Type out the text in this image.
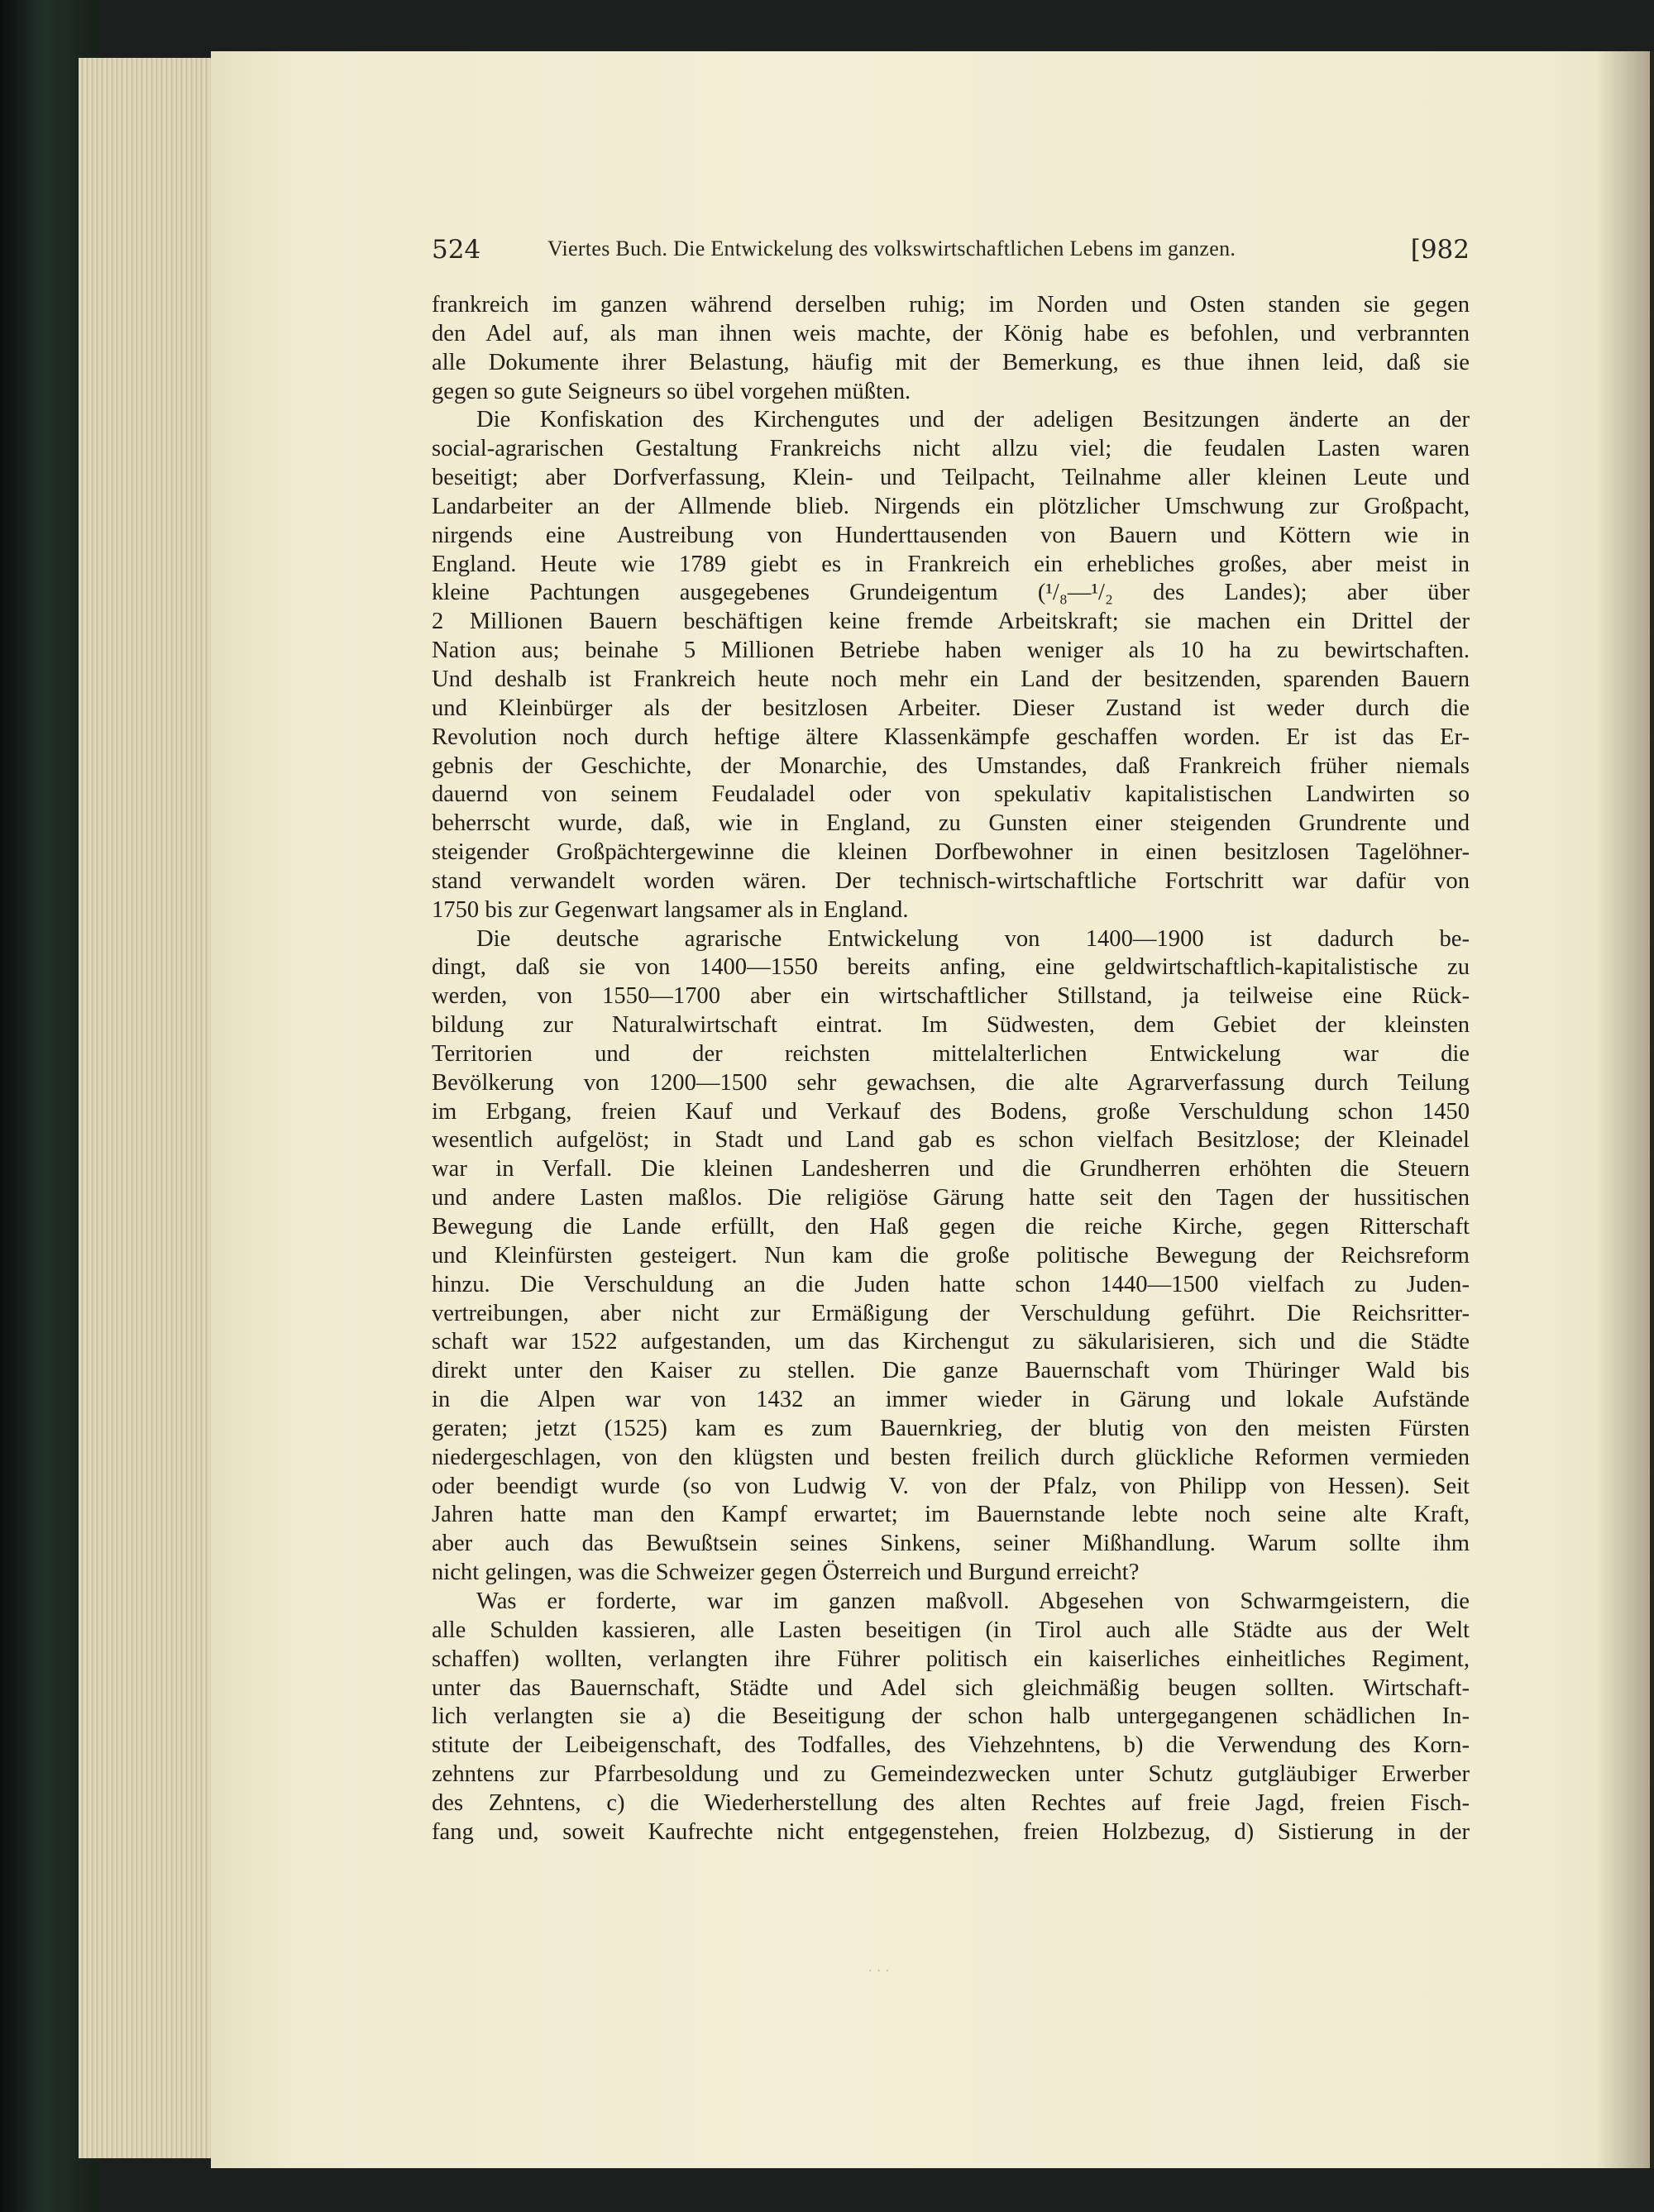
524	Viertes Buch. Die Entwickelung des volkswirtschaftlichen Lebens im ganzen.	[982
frankreich im ganzen während derselben ruhig; im Norden und Osten standen sie gegen
den Adel auf, als man ihnen weis machte, der König habe es befohlen, und verbrannten
alle Dokumente ihrer Belastung, häufig mit der Bemerkung, es thue ihnen leid, daß sie
gegen so gute Seigneurs so übel vorgehen müßten.
Die Konfiskation des Kirchengutes und der adeligen Besitzungen änderte an der
social-agrarischen Gestaltung Frankreichs nicht allzu viel; die feudalen Lasten waren
beseitigt; aber Dorfverfassung, Klein- und Teilpacht, Teilnahme aller kleinen Leute und
Landarbeiter an der Allmende blieb. Nirgends ein plötzlicher Umschwung zur Großpacht,
nirgends eine Austreibung von Hunderttausenden von Bauern und Köttern wie in
England. Heute wie 1789 giebt es in Frankreich ein erhebliches großes, aber meist in
kleine Pachtungen ausgegebenes Grundeigentum (¹/₈—¹/₂ des Landes); aber über
2 Millionen Bauern beschäftigen keine fremde Arbeitskraft; sie machen ein Drittel der
Nation aus; beinahe 5 Millionen Betriebe haben weniger als 10 ha zu bewirtschaften.
Und deshalb ist Frankreich heute noch mehr ein Land der besitzenden, sparenden Bauern
und Kleinbürger als der besitzlosen Arbeiter. Dieser Zustand ist weder durch die
Revolution noch durch heftige ältere Klassenkämpfe geschaffen worden. Er ist das Er-
gebnis der Geschichte, der Monarchie, des Umstandes, daß Frankreich früher niemals
dauernd von seinem Feudaladel oder von spekulativ kapitalistischen Landwirten so
beherrscht wurde, daß, wie in England, zu Gunsten einer steigenden Grundrente und
steigender Großpächtergewinne die kleinen Dorfbewohner in einen besitzlosen Tagelöhner-
stand verwandelt worden wären. Der technisch-wirtschaftliche Fortschritt war dafür von
1750 bis zur Gegenwart langsamer als in England.
Die deutsche agrarische Entwickelung von 1400—1900 ist dadurch be-
dingt, daß sie von 1400—1550 bereits anfing, eine geldwirtschaftlich-kapitalistische zu
werden, von 1550—1700 aber ein wirtschaftlicher Stillstand, ja teilweise eine Rück-
bildung zur Naturalwirtschaft eintrat. Im Südwesten, dem Gebiet der kleinsten
Territorien und der reichsten mittelalterlichen Entwickelung war die
Bevölkerung von 1200—1500 sehr gewachsen, die alte Agrarverfassung durch Teilung
im Erbgang, freien Kauf und Verkauf des Bodens, große Verschuldung schon 1450
wesentlich aufgelöst; in Stadt und Land gab es schon vielfach Besitzlose; der Kleinadel
war in Verfall. Die kleinen Landesherren und die Grundherren erhöhten die Steuern
und andere Lasten maßlos. Die religiöse Gärung hatte seit den Tagen der hussitischen
Bewegung die Lande erfüllt, den Haß gegen die reiche Kirche, gegen Ritterschaft
und Kleinfürsten gesteigert. Nun kam die große politische Bewegung der Reichsreform
hinzu. Die Verschuldung an die Juden hatte schon 1440—1500 vielfach zu Juden-
vertreibungen, aber nicht zur Ermäßigung der Verschuldung geführt. Die Reichsritter-
schaft war 1522 aufgestanden, um das Kirchengut zu säkularisieren, sich und die Städte
direkt unter den Kaiser zu stellen. Die ganze Bauernschaft vom Thüringer Wald bis
in die Alpen war von 1432 an immer wieder in Gärung und lokale Aufstände
geraten; jetzt (1525) kam es zum Bauernkrieg, der blutig von den meisten Fürsten
niedergeschlagen, von den klügsten und besten freilich durch glückliche Reformen vermieden
oder beendigt wurde (so von Ludwig V. von der Pfalz, von Philipp von Hessen). Seit
Jahren hatte man den Kampf erwartet; im Bauernstande lebte noch seine alte Kraft,
aber auch das Bewußtsein seines Sinkens, seiner Mißhandlung. Warum sollte ihm
nicht gelingen, was die Schweizer gegen Österreich und Burgund erreicht?
Was er forderte, war im ganzen maßvoll. Abgesehen von Schwarmgeistern, die
alle Schulden kassieren, alle Lasten beseitigen (in Tirol auch alle Städte aus der Welt
schaffen) wollten, verlangten ihre Führer politisch ein kaiserliches einheitliches Regiment,
unter das Bauernschaft, Städte und Adel sich gleichmäßig beugen sollten. Wirtschaft-
lich verlangten sie a) die Beseitigung der schon halb untergegangenen schädlichen In-
stitute der Leibeigenschaft, des Todfalles, des Viehzehntens, b) die Verwendung des Korn-
zehntens zur Pfarrbesoldung und zu Gemeindezwecken unter Schutz gutgläubiger Erwerber
des Zehntens, c) die Wiederherstellung des alten Rechtes auf freie Jagd, freien Fisch-
fang und, soweit Kaufrechte nicht entgegenstehen, freien Holzbezug, d) Sistierung in der
